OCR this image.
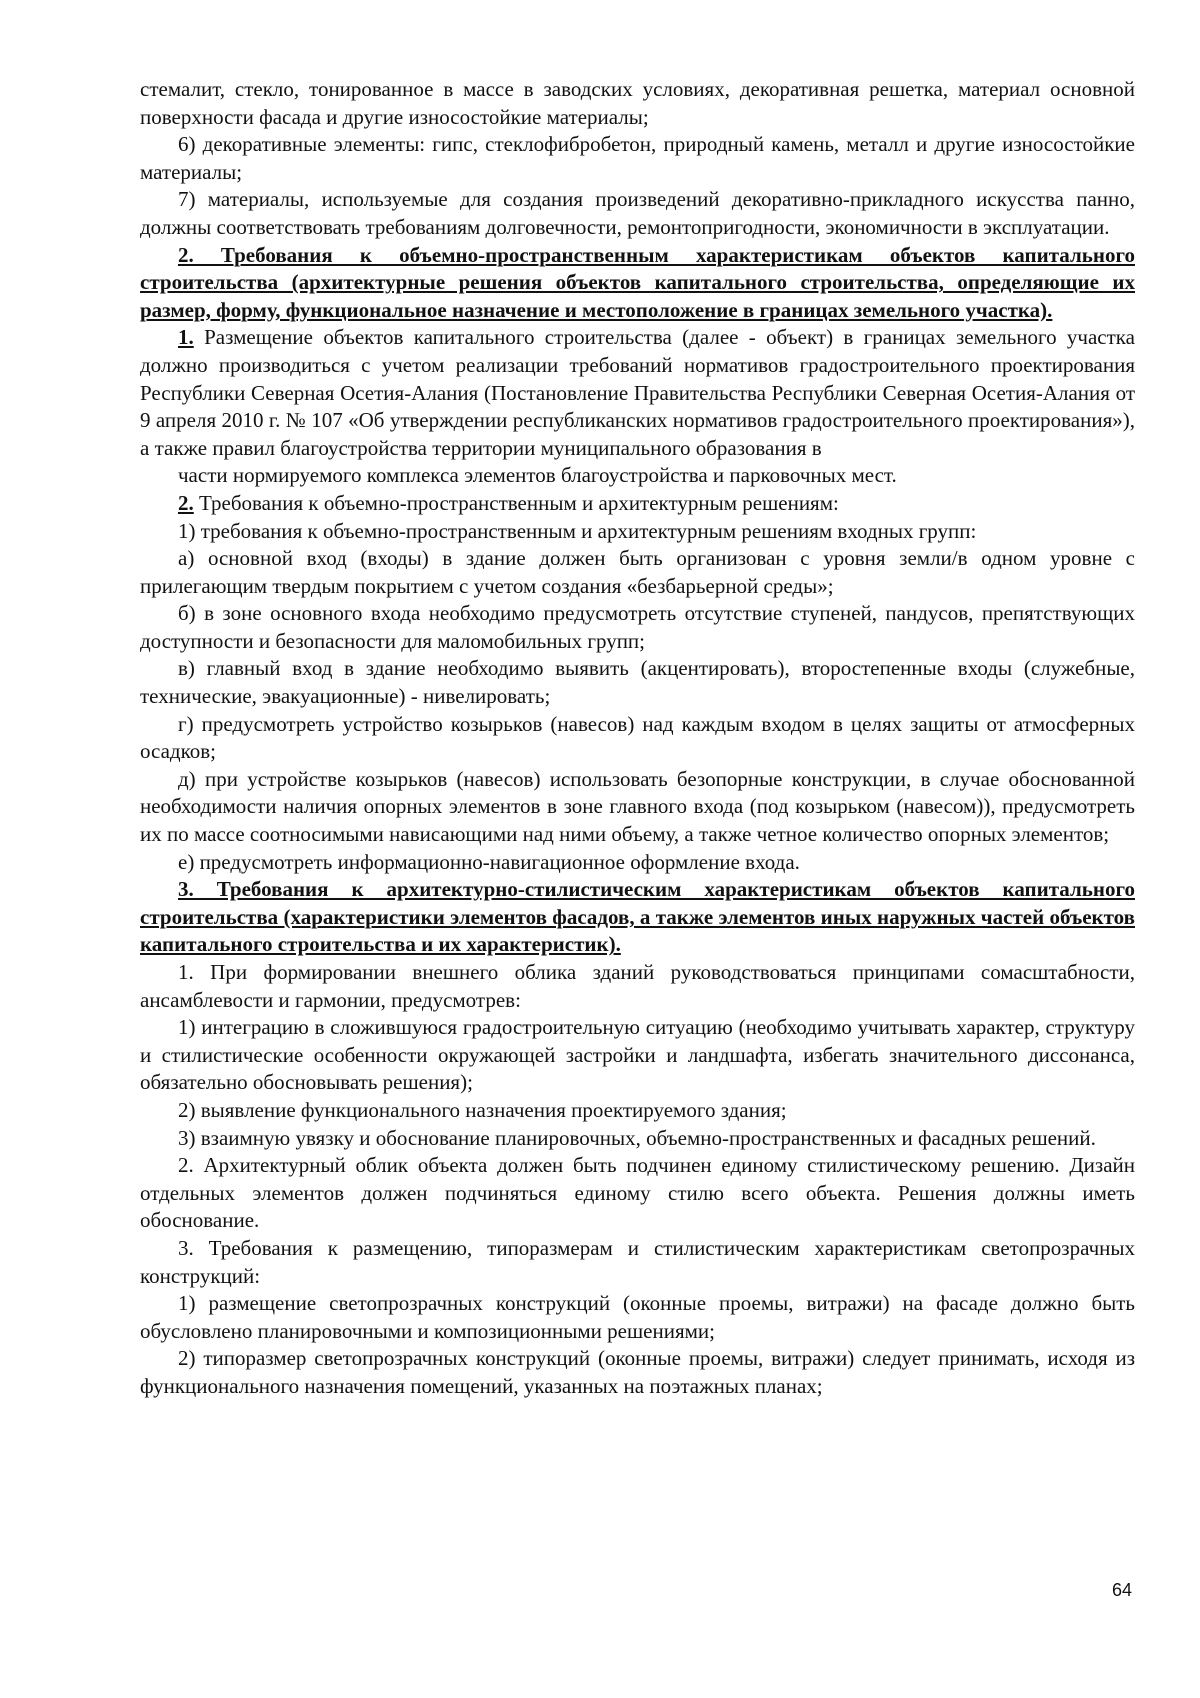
стемалит, стекло, тонированное в массе в заводских условиях, декоративная решетка, материал основной поверхности фасада и другие износостойкие материалы;

6) декоративные элементы: гипс, стеклофибробетон, природный камень, металл и другие износостойкие материалы;

7) материалы, используемые для создания произведений декоративно-прикладного искусства панно, должны соответствовать требованиям долговечности, ремонтопригодности, экономичности в эксплуатации.

2. Требования к объемно-пространственным характеристикам объектов капитального строительства (архитектурные решения объектов капитального строительства, определяющие их размер, форму, функциональное назначение и местоположение в границах земельного участка).

1. Размещение объектов капитального строительства (далее - объект) в границах земельного участка должно производиться с учетом реализации требований нормативов градостроительного проектирования Республики Северная Осетия-Алания (Постановление Правительства Республики Северная Осетия-Алания от 9 апреля 2010 г. № 107 «Об утверждении республиканских нормативов градостроительного проектирования»), а также правил благоустройства территории муниципального образования в

части нормируемого комплекса элементов благоустройства и парковочных мест.

2. Требования к объемно-пространственным и архитектурным решениям:

1) требования к объемно-пространственным и архитектурным решениям входных групп:

а) основной вход (входы) в здание должен быть организован с уровня земли/в одном уровне с прилегающим твердым покрытием с учетом создания «безбарьерной среды»;

б) в зоне основного входа необходимо предусмотреть отсутствие ступеней, пандусов, препятствующих доступности и безопасности для маломобильных групп;

в) главный вход в здание необходимо выявить (акцентировать), второстепенные входы (служебные, технические, эвакуационные) - нивелировать;

г) предусмотреть устройство козырьков (навесов) над каждым входом в целях защиты от атмосферных осадков;

д) при устройстве козырьков (навесов) использовать безопорные конструкции, в случае обоснованной необходимости наличия опорных элементов в зоне главного входа (под козырьком (навесом)), предусмотреть их по массе соотносимыми нависающими над ними объему, а также четное количество опорных элементов;

е) предусмотреть информационно-навигационное оформление входа.

3. Требования к архитектурно-стилистическим характеристикам объектов капитального строительства (характеристики элементов фасадов, а также элементов иных наружных частей объектов капитального строительства и их характеристик).

1. При формировании внешнего облика зданий руководствоваться принципами сомасштабности, ансамблевости и гармонии, предусмотрев:

1) интеграцию в сложившуюся градостроительную ситуацию (необходимо учитывать характер, структуру и стилистические особенности окружающей застройки и ландшафта, избегать значительного диссонанса, обязательно обосновывать решения);

2) выявление функционального назначения проектируемого здания;

3) взаимную увязку и обоснование планировочных, объемно-пространственных и фасадных решений.

2. Архитектурный облик объекта должен быть подчинен единому стилистическому решению. Дизайн отдельных элементов должен подчиняться единому стилю всего объекта. Решения должны иметь обоснование.

3. Требования к размещению, типоразмерам и стилистическим характеристикам светопрозрачных конструкций:

1) размещение светопрозрачных конструкций (оконные проемы, витражи) на фасаде должно быть обусловлено планировочными и композиционными решениями;

2) типоразмер светопрозрачных конструкций (оконные проемы, витражи) следует принимать, исходя из функционального назначения помещений, указанных на поэтажных планах;

64
